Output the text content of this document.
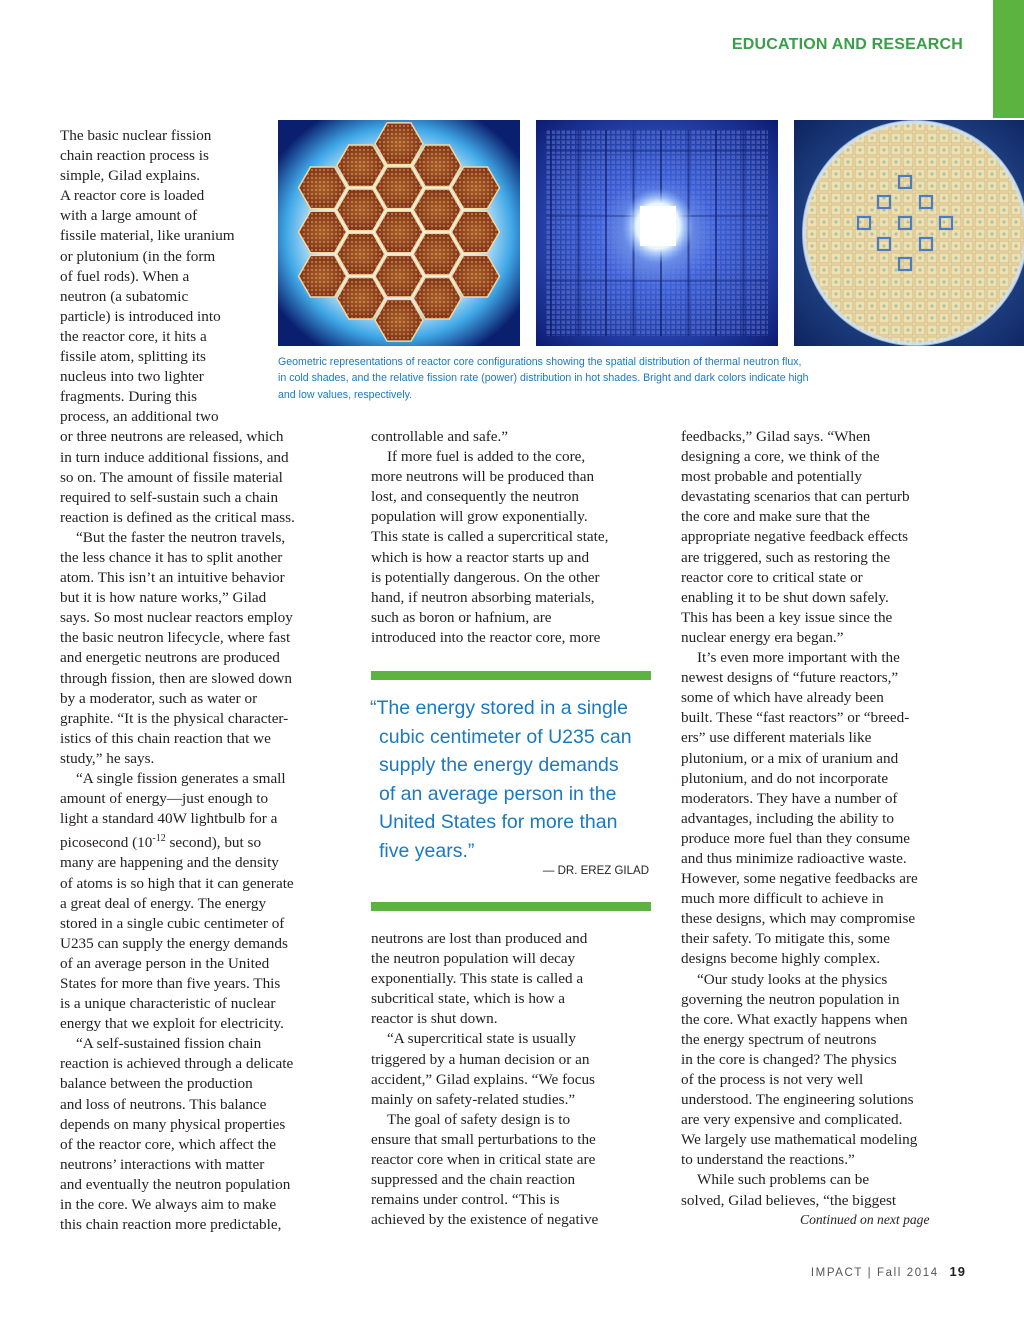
EDUCATION AND RESEARCH
Geometric representations of reactor core configurations showing the spatial distribution of thermal neutron flux,
in cold shades, and the relative fission rate (power) distribution in hot shades. Bright and dark colors indicate high
and low values, respectively.
The basic nuclear fission
chain reaction process is
simple, Gilad explains.
A reactor core is loaded
with a large amount of
fissile material, like uranium
or plutonium (in the form
of fuel rods). When a
neutron (a subatomic
particle) is introduced into
the reactor core, it hits a
fissile atom, splitting its
nucleus into two lighter
fragments. During this
process, an additional two
or three neutrons are released, which
in turn induce additional fissions, and
so on. The amount of fissile material
required to self-sustain such a chain
reaction is defined as the critical mass.
“But the faster the neutron travels,
the less chance it has to split another
atom. This isn’t an intuitive behavior
but it is how nature works,” Gilad
says. So most nuclear reactors employ
the basic neutron lifecycle, where fast
and energetic neutrons are produced
through fission, then are slowed down
by a moderator, such as water or
graphite. “It is the physical character-
istics of this chain reaction that we
study,” he says.
“A single fission generates a small
amount of energy—just enough to
light a standard 40W lightbulb for a
picosecond ($10^{-12}$ second), but so
many are happening and the density
of atoms is so high that it can generate
a great deal of energy. The energy
stored in a single cubic centimeter of
U235 can supply the energy demands
of an average person in the United
States for more than five years. This
is a unique characteristic of nuclear
energy that we exploit for electricity.
“A self-sustained fission chain
reaction is achieved through a delicate
balance between the production
and loss of neutrons. This balance
depends on many physical properties
of the reactor core, which affect the
neutrons’ interactions with matter
and eventually the neutron population
in the core. We always aim to make
this chain reaction more predictable,
controllable and safe.”
If more fuel is added to the core,
more neutrons will be produced than
lost, and consequently the neutron
population will grow exponentially.
This state is called a supercritical state,
which is how a reactor starts up and
is potentially dangerous. On the other
hand, if neutron absorbing materials,
such as boron or hafnium, are
introduced into the reactor core, more
neutrons are lost than produced and
the neutron population will decay
exponentially. This state is called a
subcritical state, which is how a
reactor is shut down.
“A supercritical state is usually
triggered by a human decision or an
accident,” Gilad explains. “We focus
mainly on safety-related studies.”
The goal of safety design is to
ensure that small perturbations to the
reactor core when in critical state are
suppressed and the chain reaction
remains under control. “This is
achieved by the existence of negative
feedbacks,” Gilad says. “When
designing a core, we think of the
most probable and potentially
devastating scenarios that can perturb
the core and make sure that the
appropriate negative feedback effects
are triggered, such as restoring the
reactor core to critical state or
enabling it to be shut down safely.
This has been a key issue since the
nuclear energy era began.”
It’s even more important with the
newest designs of “future reactors,”
some of which have already been
built. These “fast reactors” or “breed-
ers” use different materials like
plutonium, or a mix of uranium and
plutonium, and do not incorporate
moderators. They have a number of
advantages, including the ability to
produce more fuel than they consume
and thus minimize radioactive waste.
However, some negative feedbacks are
much more difficult to achieve in
these designs, which may compromise
their safety. To mitigate this, some
designs become highly complex.
“Our study looks at the physics
governing the neutron population in
the core. What exactly happens when
the energy spectrum of neutrons
in the core is changed? The physics
of the process is not very well
understood. The engineering solutions
are very expensive and complicated.
We largely use mathematical modeling
to understand the reactions.”
While such problems can be
solved, Gilad believes, “the biggest
“The energy stored in a single
cubic centimeter of U235 can
supply the energy demands
of an average person in the
United States for more than
five years.”
— DR. EREZ GILAD
Continued on next page
IMPACT | Fall 2014 19
